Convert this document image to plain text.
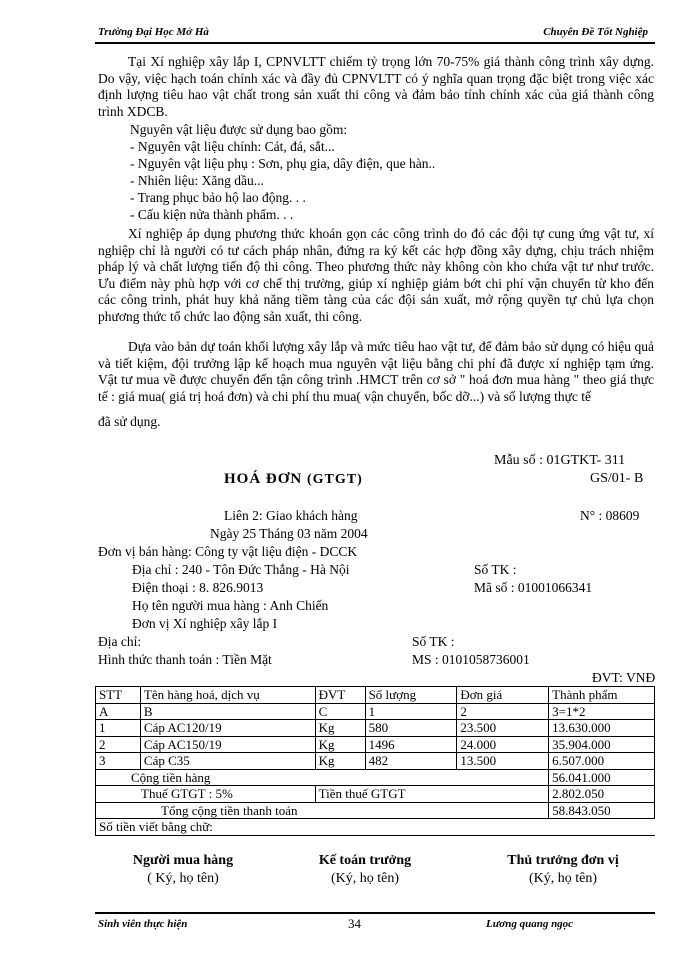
Trường Đại Học Mở Hà	Chuyên Đề Tốt Nghiệp
Tại Xí nghiệp xây lắp I, CPNVLTT chiếm tỷ trọng lớn 70-75% giá thành công trình xây dựng. Do vậy, việc hạch toán chính xác và đầy đủ CPNVLTT có ý nghĩa quan trọng đặc biệt trong việc xác định lượng tiêu hao vật chất trong sản xuất thi công và đảm bảo tính chính xác của giá thành công trình XDCB.
Nguyên vật liệu được sử dụng bao gồm:
- Nguyên vật liệu chính: Cát, đá, sắt...
- Nguyên vật liệu phụ : Sơn, phụ gia, dây điện, que hàn..
- Nhiên liệu: Xăng dầu...
- Trang phục bảo hộ lao động. . .
- Cấu kiện nửa thành phẩm. . .
Xí nghiệp áp dụng phương thức khoán gọn các công trình do đó các đội tự cung ứng vật tư, xí nghiệp chỉ là người có tư cách pháp nhân, đứng ra ký kết các hợp đồng xây dựng, chịu trách nhiệm pháp lý và chất lượng tiến độ thi công. Theo phương thức này không còn kho chứa vật tư như trước. Ưu điểm này phù hợp với cơ chế thị trường, giúp xí nghiệp giảm bớt chi phí vận chuyển từ kho đến các công trình, phát huy khả năng tiềm tàng của các đội sản xuất, mở rộng quyền tự chủ lựa chọn phương thức tổ chức lao động sản xuất, thi công.
Dựa vào bản dự toán khối lượng xây lắp và mức tiêu hao vật tư, để đảm bảo sử dụng có hiệu quả và tiết kiệm, đội trưởng lập kế hoạch mua nguyên vật liệu bằng chi phí đã được xí nghiệp tạm ứng. Vật tư mua về được chuyển đến tận công trình .HMCT trên cơ sở " hoá đơn mua hàng " theo giá thực tế : giá mua( giá trị hoá đơn) và chi phí thu mua( vận chuyển, bốc dỡ...) và số lượng thực tế
đã sử dụng.
Mẫu số : 01GTKT- 311
HOÁ ĐƠN (GTGT)	GS/01- B
Liên 2: Giao khách hàng	N° : 08609
Ngày 25 Tháng 03 năm 2004
Đơn vị bán hàng: Công ty vật liệu điện - DCCK
Địa chỉ : 240 - Tôn Đức Thắng - Hà Nội	Số TK :
Điện thoại : 8. 826.9013	Mã số : 01001066341
Họ tên người mua hàng : Anh Chiến
Đơn vị Xí nghiệp xây lắp I
Địa chỉ:	Số TK :
Hình thức thanh toán : Tiền Mặt	MS : 0101058736001
ĐVT: VNĐ
STT	Tên hàng hoá, dịch vụ	ĐVT	Số lượng	Đơn giá	Thành phẩm
A	B	C	1	2	3=1*2
1	Cáp AC120/19	Kg	580	23.500	13.630.000
2	Cáp AC150/19	Kg	1496	24.000	35.904.000
3	Cáp C35	Kg	482	13.500	6.507.000
Cộng tiền hàng					56.041.000
Thuế GTGT : 5%		Tiền thuế GTGT			2.802.050
Tổng cộng tiền thanh toán					58.843.050
Số tiền viết bằng chữ:					
Người mua hàng
( Ký, họ tên)
Kế toán trưởng
(Ký, họ tên)
Thủ trưởng đơn vị
(Ký, họ tên)
Sinh viên thực hiện	34	Lương quang ngọc
